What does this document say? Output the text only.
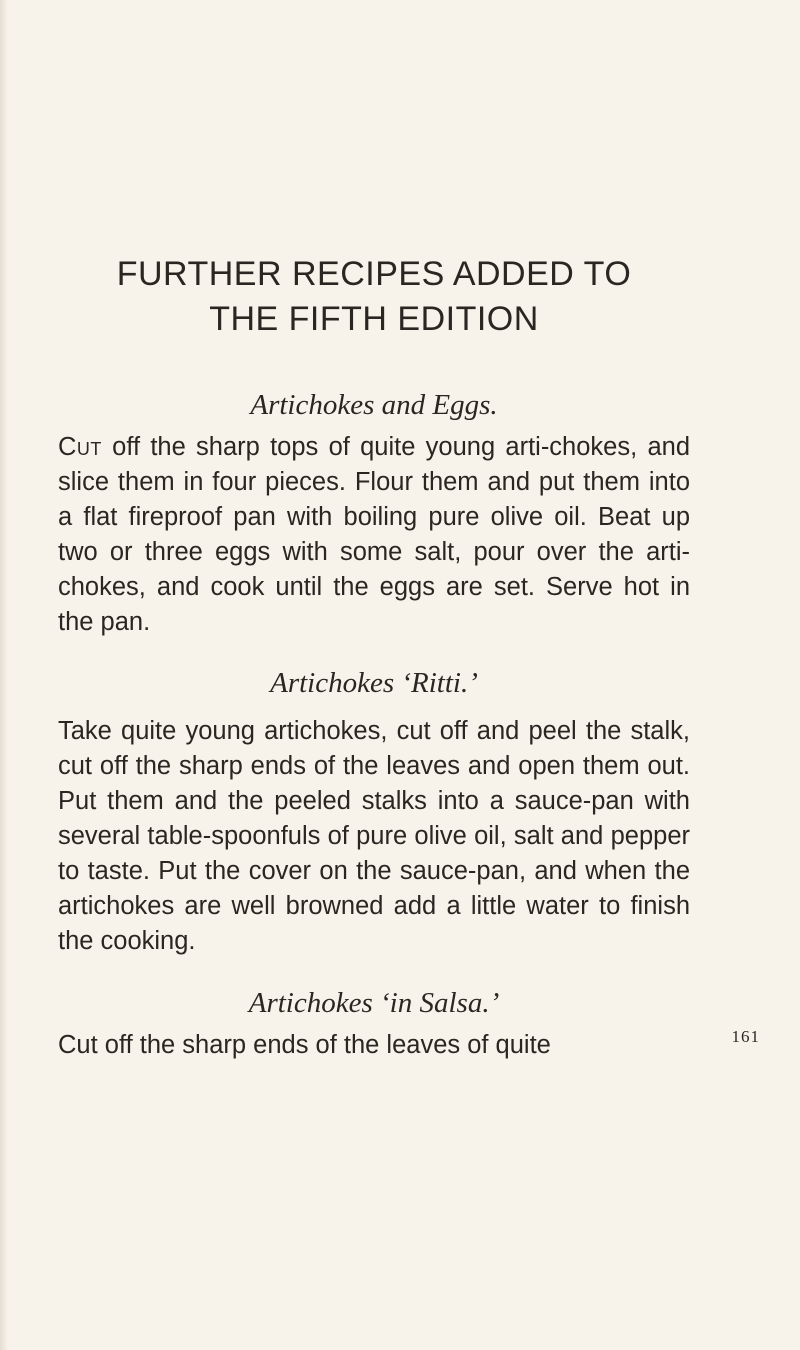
FURTHER RECIPES ADDED TO
THE FIFTH EDITION
Artichokes and Eggs.

Cut off the sharp tops of quite young arti-chokes, and slice them in four pieces. Flour them and put them into a flat fireproof pan with boiling pure olive oil. Beat up two or three eggs with some salt, pour over the arti-chokes, and cook until the eggs are set. Serve hot in the pan.

Artichokes ‘Ritti.’

Take quite young artichokes, cut off and peel the stalk, cut off the sharp ends of the leaves and open them out. Put them and the peeled stalks into a sauce-pan with several table-spoonfuls of pure olive oil, salt and pepper to taste. Put the cover on the sauce-pan, and when the artichokes are well browned add a little water to finish the cooking.

Artichokes ‘in Salsa.’

Cut off the sharp ends of the leaves of quite	161
